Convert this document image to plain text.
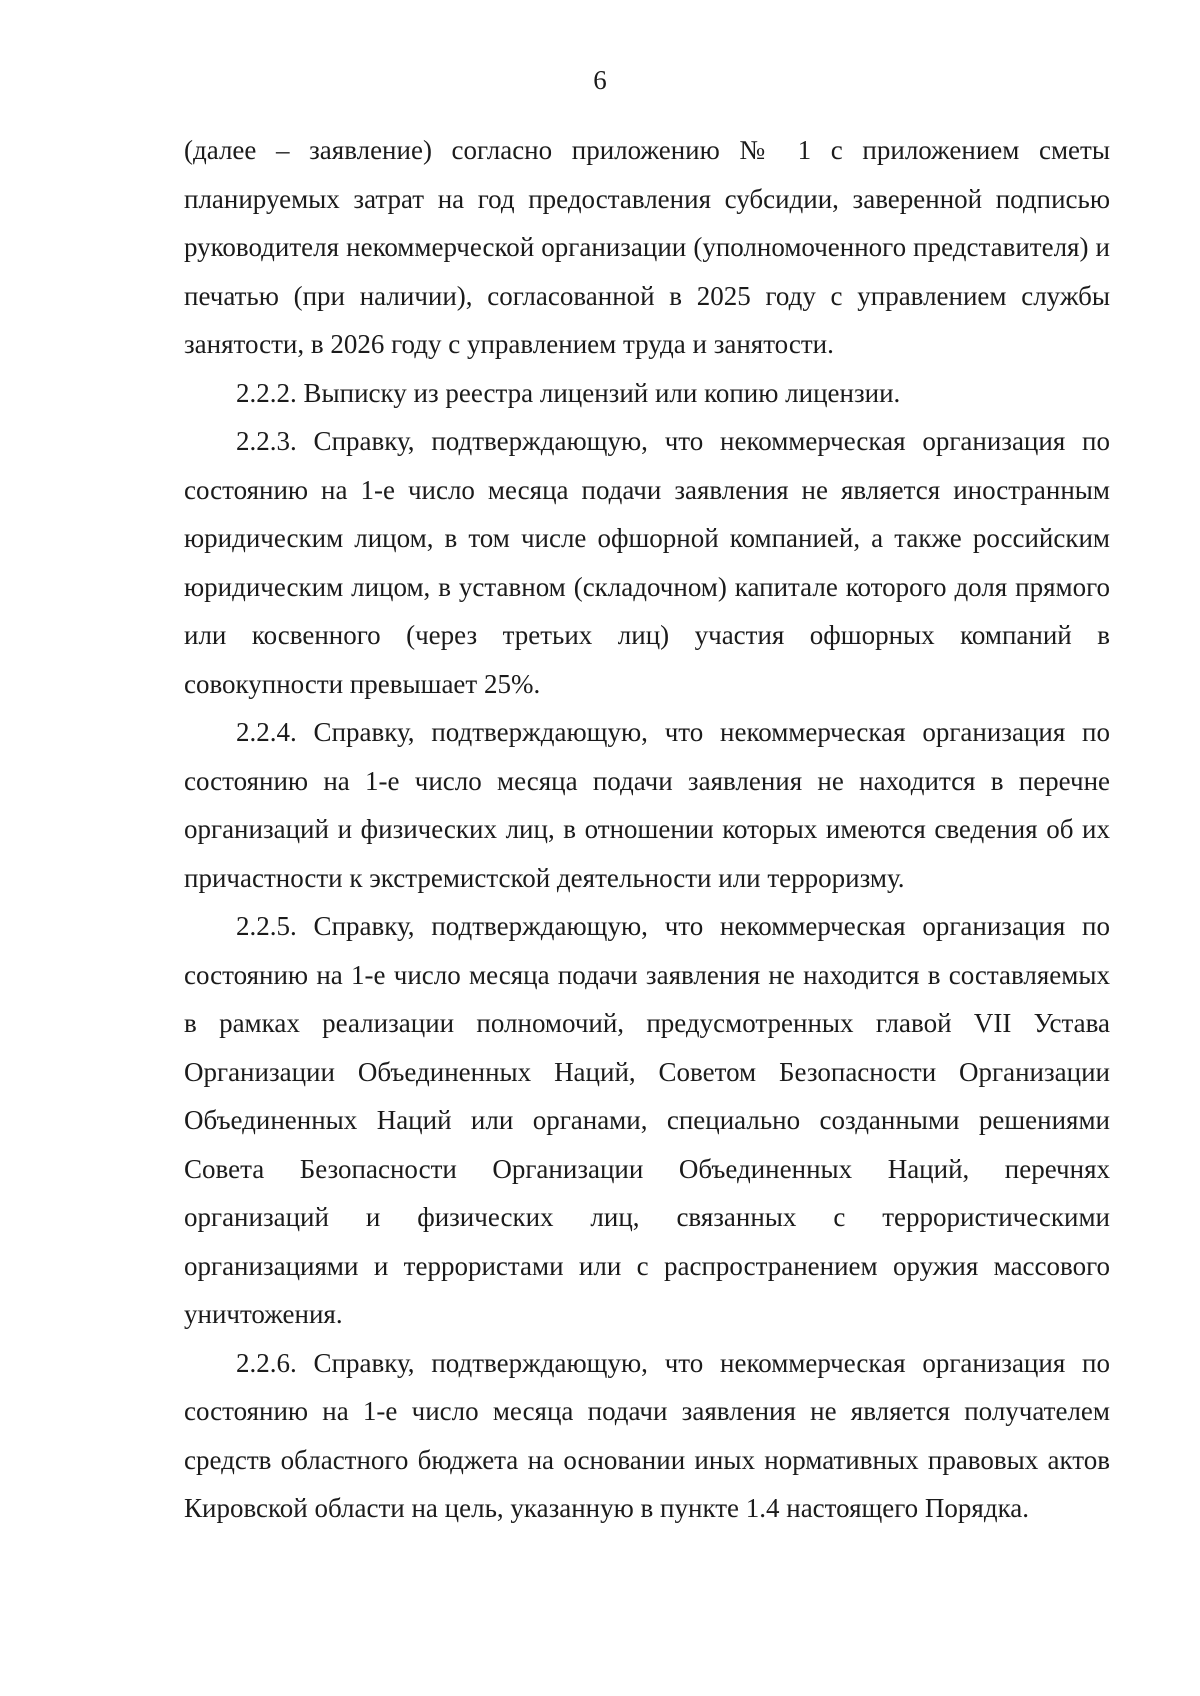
6

(далее – заявление) согласно приложению № 1 с приложением сметы планируемых затрат на год предоставления субсидии, заверенной подписью руководителя некоммерческой организации (уполномоченного представителя) и печатью (при наличии), согласованной в 2025 году с управлением службы занятости, в 2026 году с управлением труда и занятости.

2.2.2. Выписку из реестра лицензий или копию лицензии.

2.2.3. Справку, подтверждающую, что некоммерческая организация по состоянию на 1-е число месяца подачи заявления не является иностранным юридическим лицом, в том числе офшорной компанией, а также российским юридическим лицом, в уставном (складочном) капитале которого доля прямого или косвенного (через третьих лиц) участия офшорных компаний в совокупности превышает 25%.

2.2.4. Справку, подтверждающую, что некоммерческая организация по состоянию на 1-е число месяца подачи заявления не находится в перечне организаций и физических лиц, в отношении которых имеются сведения об их причастности к экстремистской деятельности или терроризму.

2.2.5. Справку, подтверждающую, что некоммерческая организация по состоянию на 1-е число месяца подачи заявления не находится в составляемых в рамках реализации полномочий, предусмотренных главой VII Устава Организации Объединенных Наций, Советом Безопасности Организации Объединенных Наций или органами, специально созданными решениями Совета Безопасности Организации Объединенных Наций, перечнях организаций и физических лиц, связанных с террористическими организациями и террористами или с распространением оружия массового уничтожения.

2.2.6. Справку, подтверждающую, что некоммерческая организация по состоянию на 1-е число месяца подачи заявления не является получателем средств областного бюджета на основании иных нормативных правовых актов Кировской области на цель, указанную в пункте 1.4 настоящего Порядка.
